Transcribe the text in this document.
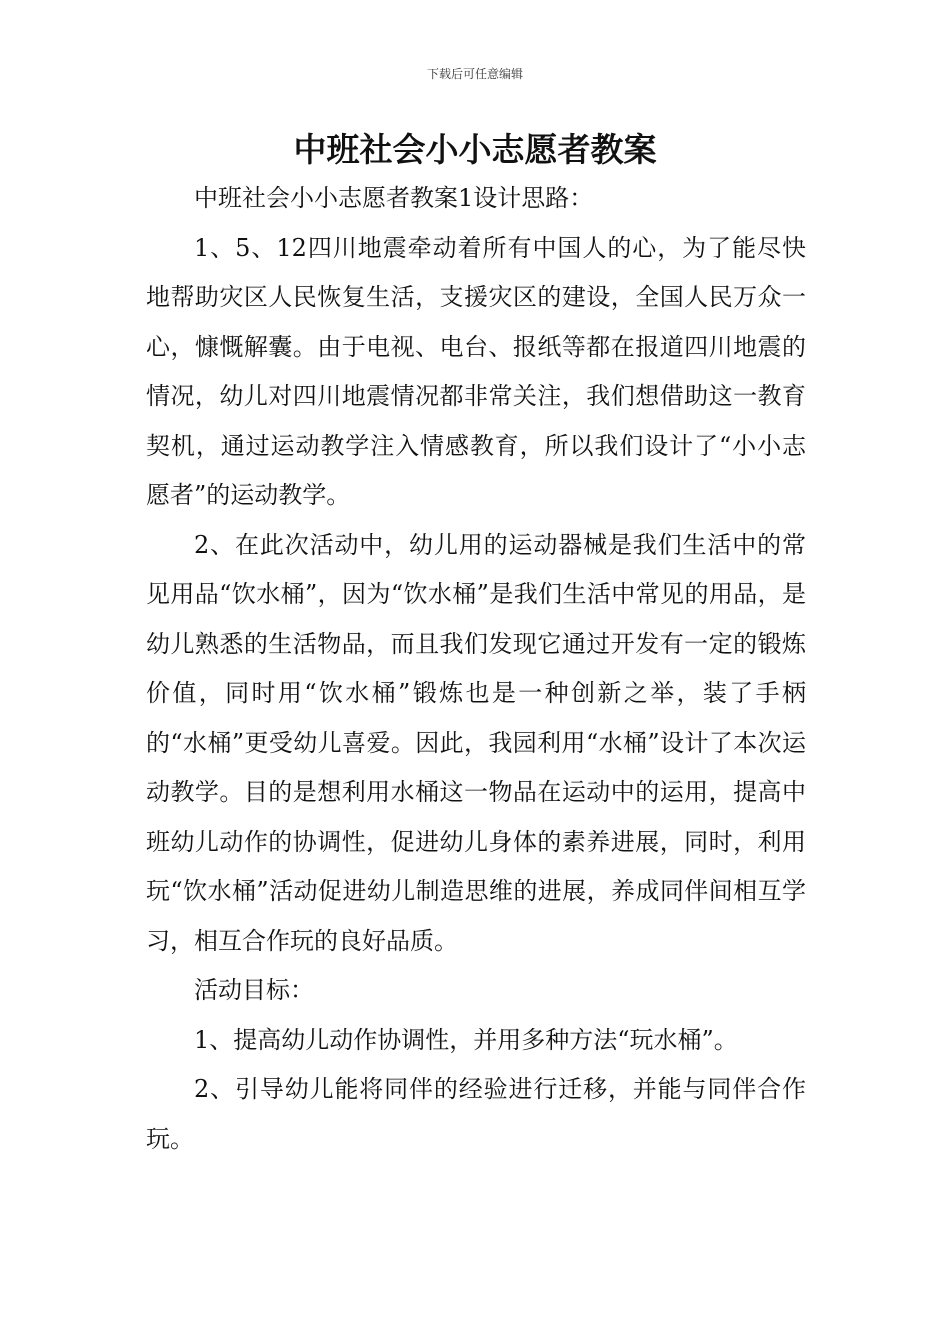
下载后可任意编辑
中班社会小小志愿者教案

中班社会小小志愿者教案1设计思路：

1、5、12四川地震牵动着所有中国人的心，为了能尽快地帮助灾区人民恢复生活，支援灾区的建设，全国人民万众一心，慷慨解囊。由于电视、电台、报纸等都在报道四川地震的情况，幼儿对四川地震情况都非常关注，我们想借助这一教育契机，通过运动教学注入情感教育，所以我们设计了“小小志愿者”的运动教学。

2、在此次活动中，幼儿用的运动器械是我们生活中的常见用品“饮水桶”，因为“饮水桶”是我们生活中常见的用品，是幼儿熟悉的生活物品，而且我们发现它通过开发有一定的锻炼价值，同时用“饮水桶”锻炼也是一种创新之举，装了手柄的“水桶”更受幼儿喜爱。因此，我园利用“水桶”设计了本次运动教学。目的是想利用水桶这一物品在运动中的运用，提高中班幼儿动作的协调性，促进幼儿身体的素养进展，同时，利用玩“饮水桶”活动促进幼儿制造思维的进展，养成同伴间相互学习，相互合作玩的良好品质。

活动目标：

1、提高幼儿动作协调性，并用多种方法“玩水桶”。

2、引导幼儿能将同伴的经验进行迁移，并能与同伴合作玩。
